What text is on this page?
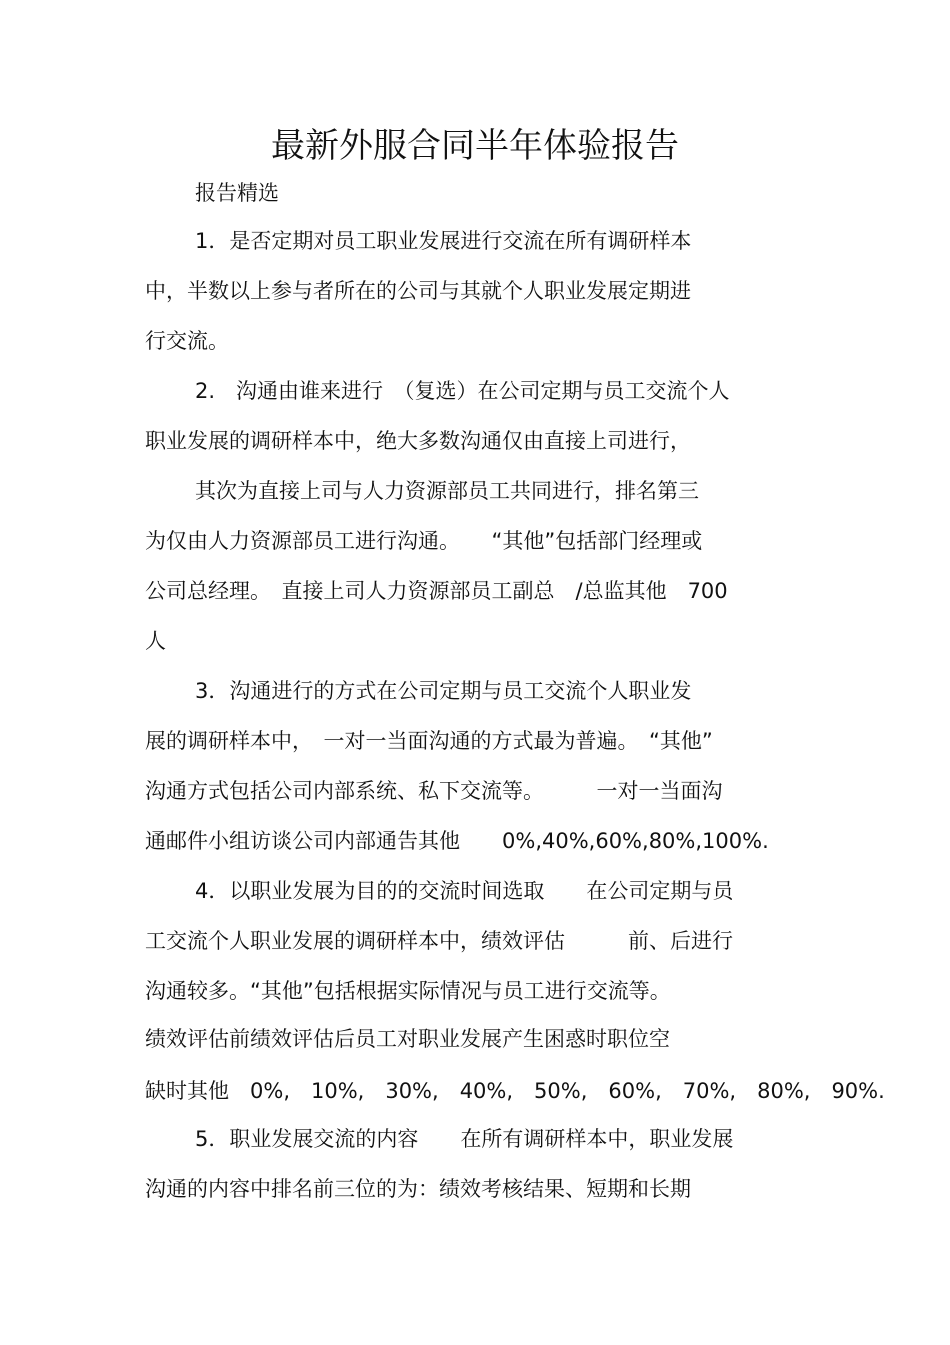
最新外服合同半年体验报告
报告精选
1．是否定期对员工职业发展进行交流在所有调研样本
中，半数以上参与者所在的公司与其就个人职业发展定期进
行交流。
2.　沟通由谁来进行　（复选）在公司定期与员工交流个人
职业发展的调研样本中，绝大多数沟通仅由直接上司进行，
其次为直接上司与人力资源部员工共同进行，排名第三
为仅由人力资源部员工进行沟通。　　“其他”包括部门经理或
公司总经理。　直接上司人力资源部员工副总　/总监其他　700
人
3．沟通进行的方式在公司定期与员工交流个人职业发
展的调研样本中，　一对一当面沟通的方式最为普遍。　“其他”
沟通方式包括公司内部系统、私下交流等。　　　一对一当面沟
通邮件小组访谈公司内部通告其他　　0%,40%,60%,80%,100%.
4．以职业发展为目的的交流时间选取　　在公司定期与员
工交流个人职业发展的调研样本中，绩效评估　　　前、后进行
沟通较多。“其他”包括根据实际情况与员工进行交流等。
绩效评估前绩效评估后员工对职业发展产生困惑时职位空
缺时其他　0%,　10%,　30%,　40%,　50%,　60%,　70%,　80%,　90%.
5．职业发展交流的内容　　在所有调研样本中，职业发展
沟通的内容中排名前三位的为：绩效考核结果、短期和长期
